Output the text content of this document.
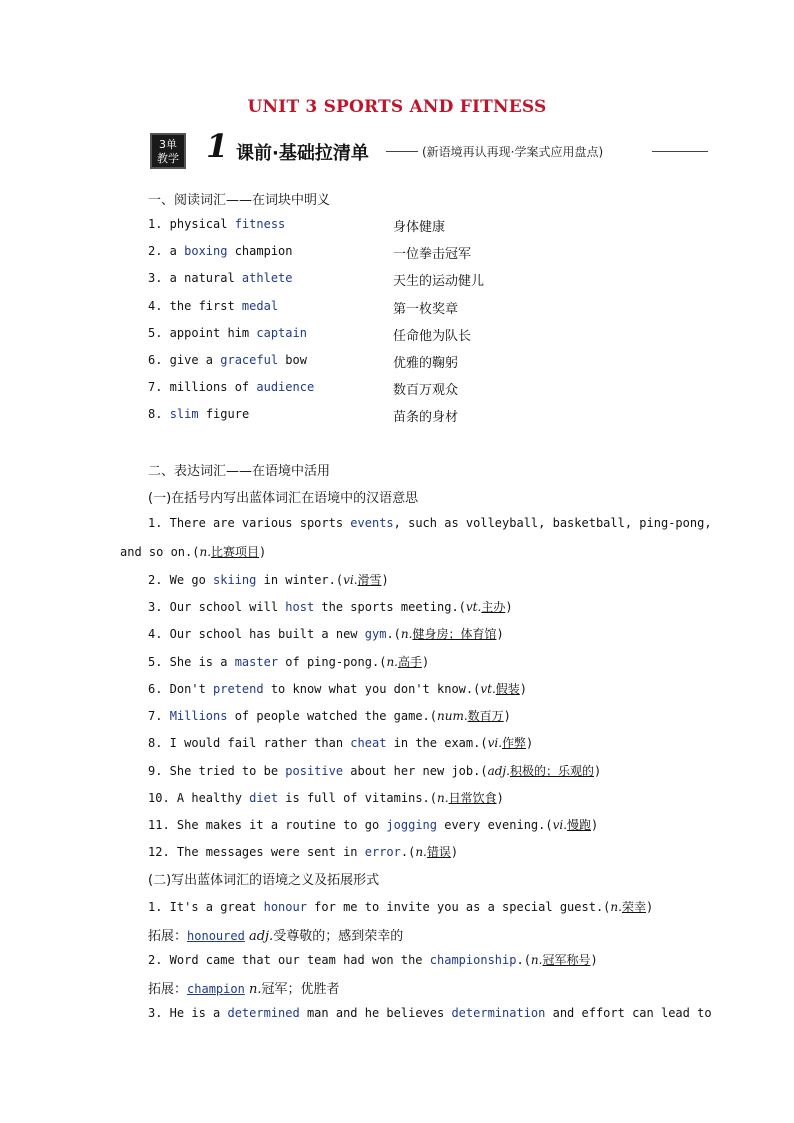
UNIT 3 SPORTS AND FITNESS
3单
教学 1 课前·基础拉清单	(新语境再认再现·学案式应用盘点)
一、阅读词汇——在词块中明义
1. physical fitness	身体健康
2. a boxing champion	一位拳击冠军
3. a natural athlete	天生的运动健儿
4. the first medal	第一枚奖章
5. appoint him captain	任命他为队长
6. give a graceful bow	优雅的鞠躬
7. millions of audience	数百万观众
8. slim figure	苗条的身材
二、表达词汇——在语境中活用
(一)在括号内写出蓝体词汇在语境中的汉语意思
1. There are various sports events, such as volleyball, basketball, ping-pong,
and so on.(n.比赛项目)
2. We go skiing in winter.(vi.滑雪)
3. Our school will host the sports meeting.(vt.主办)
4. Our school has built a new gym.(n.健身房；体育馆)
5. She is a master of ping-pong.(n.高手)
6. Don't pretend to know what you don't know.(vt.假装)
7. Millions of people watched the game.(num.数百万)
8. I would fail rather than cheat in the exam.(vi.作弊)
9. She tried to be positive about her new job.(adj.积极的；乐观的)
10. A healthy diet is full of vitamins.(n.日常饮食)
11. She makes it a routine to go jogging every evening.(vi.慢跑)
12. The messages were sent in error.(n.错误)
(二)写出蓝体词汇的语境之义及拓展形式
1. It's a great honour for me to invite you as a special guest.(n.荣幸)
拓展：honoured adj.受尊敬的；感到荣幸的
2. Word came that our team had won the championship.(n.冠军称号)
拓展：champion n.冠军；优胜者
3. He is a determined man and he believes determination and effort can lead to
